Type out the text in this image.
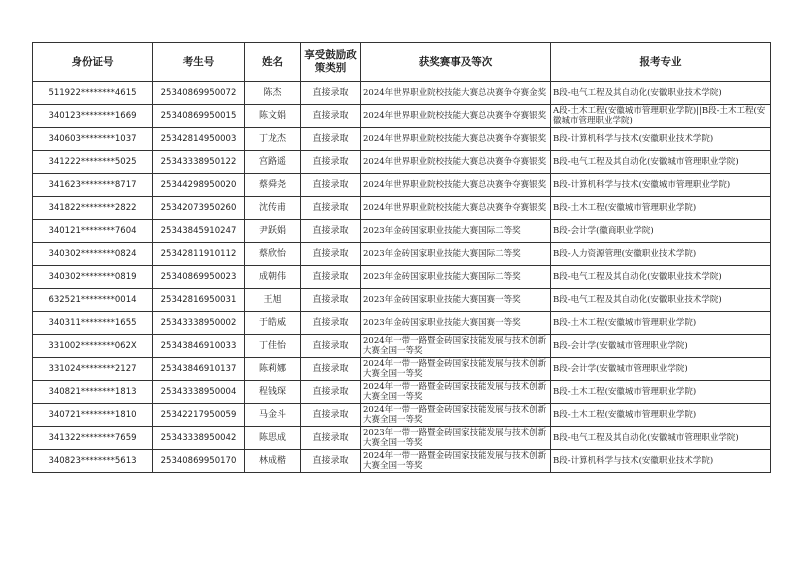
身份证号	考生号	姓名	享受鼓励政策类别	获奖赛事及等次	报考专业
511922********4615	25340869950072	陈杰	直接录取	2024年世界职业院校技能大赛总决赛争夺赛金奖	B段-电气工程及其自动化(安徽职业技术学院)
340123********1669	25340869950015	陈文娟	直接录取	2024年世界职业院校技能大赛总决赛争夺赛银奖	A段-土木工程(安徽城市管理职业学院)||B段-土木工程(安徽城市管理职业学院)
340603********1037	25342814950003	丁龙杰	直接录取	2024年世界职业院校技能大赛总决赛争夺赛银奖	B段-计算机科学与技术(安徽职业技术学院)
341222********5025	25343338950122	宫路遥	直接录取	2024年世界职业院校技能大赛总决赛争夺赛银奖	B段-电气工程及其自动化(安徽城市管理职业学院)
341623********8717	25344298950020	蔡舜尧	直接录取	2024年世界职业院校技能大赛总决赛争夺赛银奖	B段-计算机科学与技术(安徽城市管理职业学院)
341822********2822	25342073950260	沈传甫	直接录取	2024年世界职业院校技能大赛总决赛争夺赛银奖	B段-土木工程(安徽城市管理职业学院)
340121********7604	25343845910247	尹跃娟	直接录取	2023年金砖国家职业技能大赛国际二等奖	B段-会计学(徽商职业学院)
340302********0824	25342811910112	蔡欣怡	直接录取	2023年金砖国家职业技能大赛国际二等奖	B段-人力资源管理(安徽职业技术学院)
340302********0819	25340869950023	成朝伟	直接录取	2023年金砖国家职业技能大赛国际二等奖	B段-电气工程及其自动化(安徽职业技术学院)
632521********0014	25342816950031	王旭	直接录取	2023年金砖国家职业技能大赛国赛一等奖	B段-电气工程及其自动化(安徽职业技术学院)
340311********1655	25343338950002	于皓威	直接录取	2023年金砖国家职业技能大赛国赛一等奖	B段-土木工程(安徽城市管理职业学院)
331002********062X	25343846910033	丁佳怡	直接录取	2024年一带一路暨金砖国家技能发展与技术创新大赛全国一等奖	B段-会计学(安徽城市管理职业学院)
331024********2127	25343846910137	陈莉娜	直接录取	2024年一带一路暨金砖国家技能发展与技术创新大赛全国一等奖	B段-会计学(安徽城市管理职业学院)
340821********1813	25343338950004	程钱琛	直接录取	2024年一带一路暨金砖国家技能发展与技术创新大赛全国一等奖	B段-土木工程(安徽城市管理职业学院)
340721********1810	25342217950059	马金斗	直接录取	2024年一带一路暨金砖国家技能发展与技术创新大赛全国一等奖	B段-土木工程(安徽城市管理职业学院)
341322********7659	25343338950042	陈思成	直接录取	2023年一带一路暨金砖国家技能发展与技术创新大赛全国一等奖	B段-电气工程及其自动化(安徽城市管理职业学院)
340823********5613	25340869950170	林成楷	直接录取	2024年一带一路暨金砖国家技能发展与技术创新大赛全国一等奖	B段-计算机科学与技术(安徽职业技术学院)
